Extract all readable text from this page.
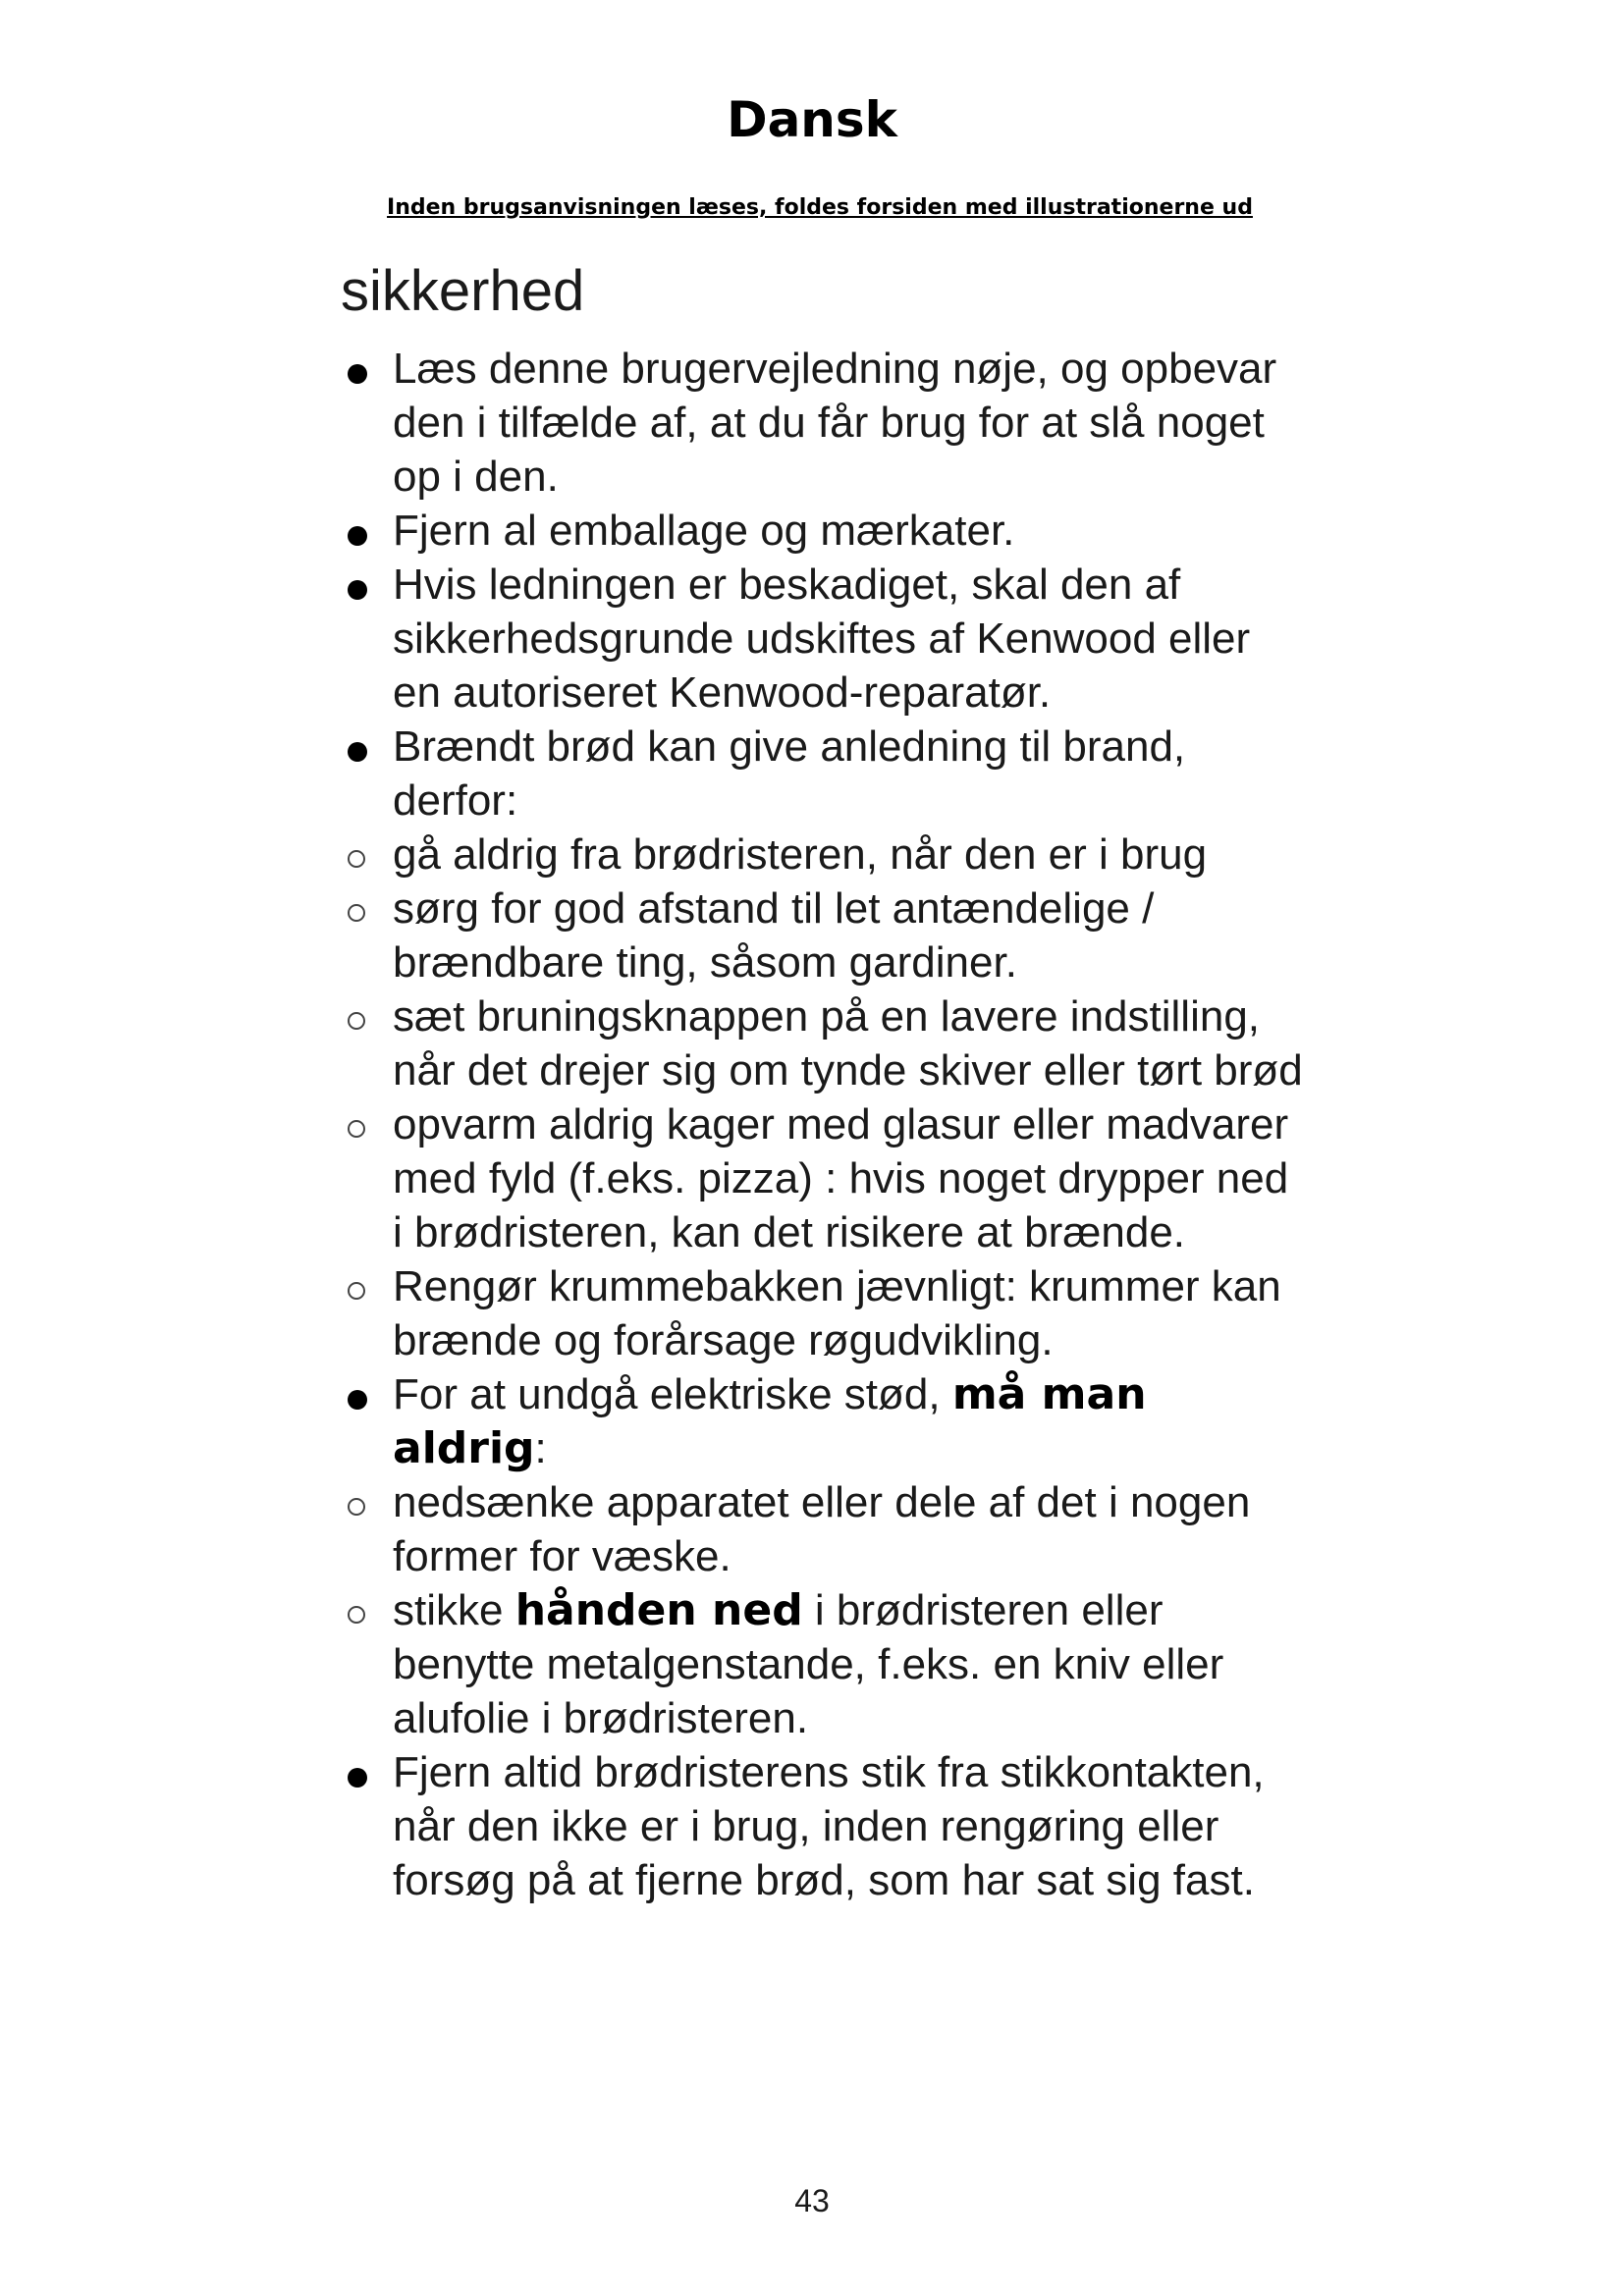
Dansk

Inden brugsanvisningen læses, foldes forsiden med illustrationerne ud

sikkerhed
Læs denne brugervejledning nøje, og opbevar den i tilfælde af, at du får brug for at slå noget op i den.
Fjern al emballage og mærkater.
Hvis ledningen er beskadiget, skal den af sikkerhedsgrunde udskiftes af Kenwood eller en autoriseret Kenwood-reparatør.
Brændt brød kan give anledning til brand, derfor:
gå aldrig fra brødristeren, når den er i brug
sørg for god afstand til let antændelige / brændbare ting, såsom gardiner.
sæt bruningsknappen på en lavere indstilling, når det drejer sig om tynde skiver eller tørt brød
opvarm aldrig kager med glasur eller madvarer med fyld (f.eks. pizza) : hvis noget drypper ned i brødristeren, kan det risikere at brænde.
Rengør krummebakken jævnligt: krummer kan brænde og forårsage røgudvikling.
For at undgå elektriske stød, må man aldrig:
nedsænke apparatet eller dele af det i nogen former for væske.
stikke hånden ned i brødristeren eller benytte metalgenstande, f.eks. en kniv eller alufolie i brødristeren.
Fjern altid brødristerens stik fra stikkontakten, når den ikke er i brug, inden rengøring eller forsøg på at fjerne brød, som har sat sig fast.
43
